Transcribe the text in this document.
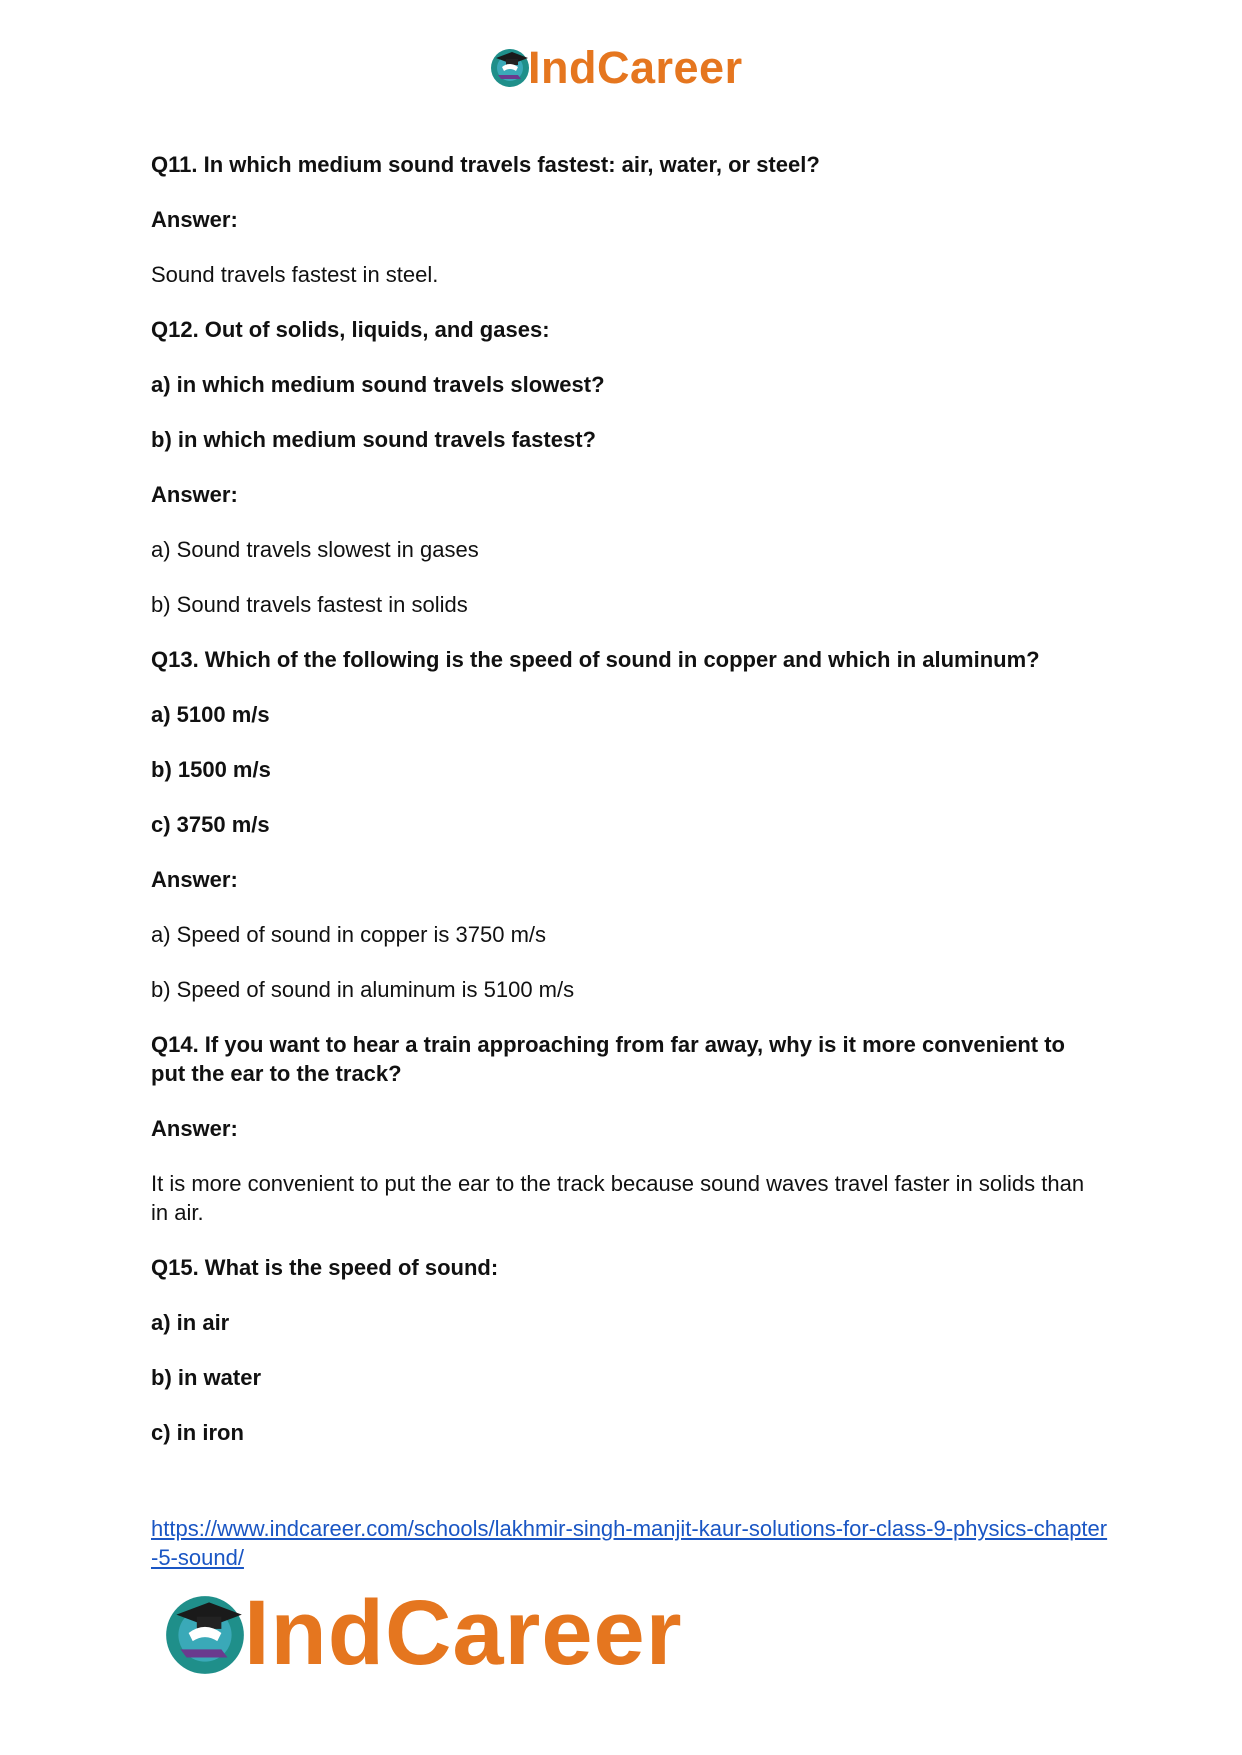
IndCareer

Q11. In which medium sound travels fastest: air, water, or steel?

Answer:

Sound travels fastest in steel.

Q12. Out of solids, liquids, and gases:

a) in which medium sound travels slowest?

b) in which medium sound travels fastest?

Answer:

a) Sound travels slowest in gases

b) Sound travels fastest in solids

Q13. Which of the following is the speed of sound in copper and which in aluminum?

a) 5100 m/s

b) 1500 m/s

c) 3750 m/s

Answer:

a) Speed of sound in copper is 3750 m/s

b) Speed of sound in aluminum is 5100 m/s

Q14. If you want to hear a train approaching from far away, why is it more convenient to put the ear to the track?

Answer:

It is more convenient to put the ear to the track because sound waves travel faster in solids than in air.

Q15. What is the speed of sound:

a) in air

b) in water

c) in iron

https://www.indcareer.com/schools/lakhmir-singh-manjit-kaur-solutions-for-class-9-physics-chapter-5-sound/
IndCareer
